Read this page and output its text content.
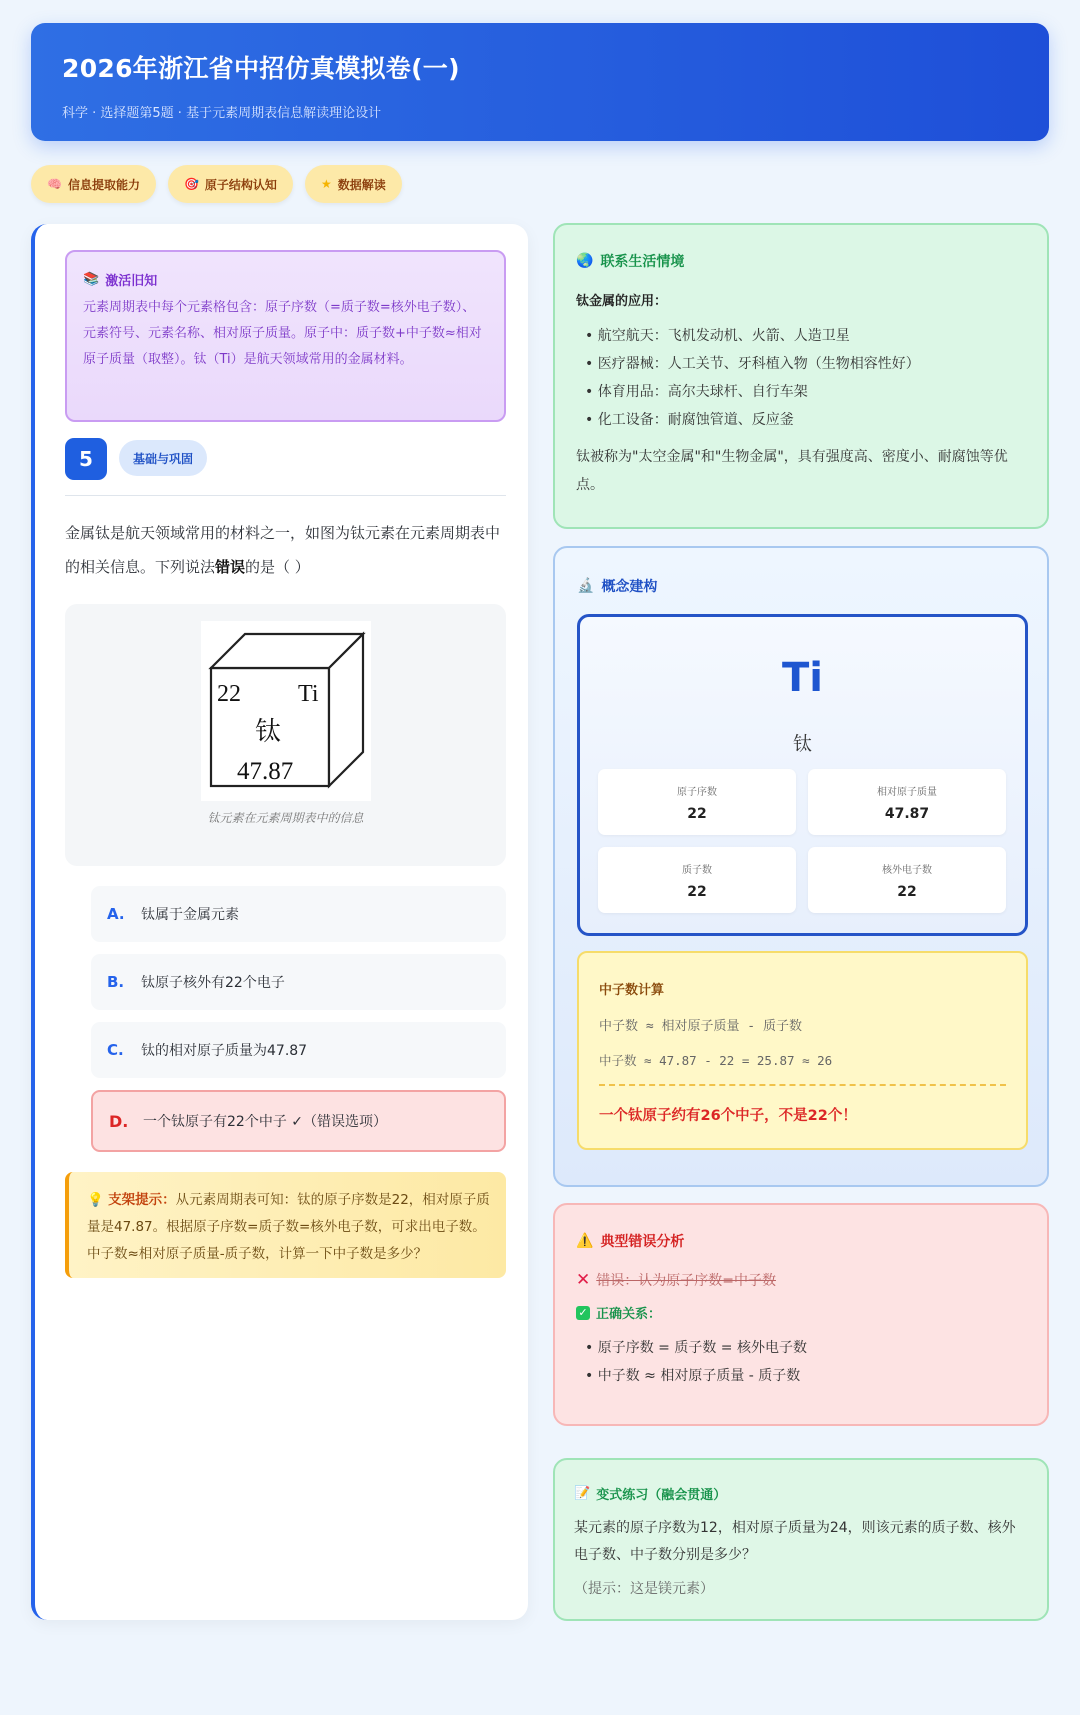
2026年浙江省中招仿真模拟卷(一)
科学 · 选择题第5题 · 基于元素周期表信息解读理论设计
🧠 信息提取能力	🎯 原子结构认知	★ 数据解读
📚 激活旧知
元素周期表中每个元素格包含：原子序数（=质子数=核外电子数）、元素符号、元素名称、相对原子质量。原子中：质子数+中子数≈相对原子质量（取整）。钛（Ti）是航天领域常用的金属材料。
5	基础与巩固
金属钛是航天领域常用的材料之一，如图为钛元素在元素周期表中的相关信息。下列说法错误的是（ ）
22 Ti
钛
47.87
钛元素在元素周期表中的信息
A.	钛属于金属元素
B.	钛原子核外有22个电子
C.	钛的相对原子质量为47.87
D.	一个钛原子有22个中子 ✓（错误选项）
💡 支架提示：从元素周期表可知：钛的原子序数是22，相对原子质量是47.87。根据原子序数=质子数=核外电子数，可求出电子数。中子数≈相对原子质量-质子数，计算一下中子数是多少？
🌏 联系生活情境
钛金属的应用：
• 航空航天：飞机发动机、火箭、人造卫星
• 医疗器械：人工关节、牙科植入物（生物相容性好）
• 体育用品：高尔夫球杆、自行车架
• 化工设备：耐腐蚀管道、反应釜
钛被称为"太空金属"和"生物金属"，具有强度高、密度小、耐腐蚀等优点。
🔬 概念建构
Ti
钛
原子序数
22
相对原子质量
47.87
质子数
22
核外电子数
22
中子数计算
中子数 ≈ 相对原子质量 - 质子数
中子数 ≈ 47.87 - 22 = 25.87 ≈ 26
一个钛原子约有26个中子，不是22个！
⚠️ 典型错误分析
✕ 错误：认为原子序数=中子数
✓ 正确关系：
• 原子序数 = 质子数 = 核外电子数
• 中子数 ≈ 相对原子质量 - 质子数
📝 变式练习（融会贯通）
某元素的原子序数为12，相对原子质量为24，则该元素的质子数、核外电子数、中子数分别是多少？
（提示：这是镁元素）
